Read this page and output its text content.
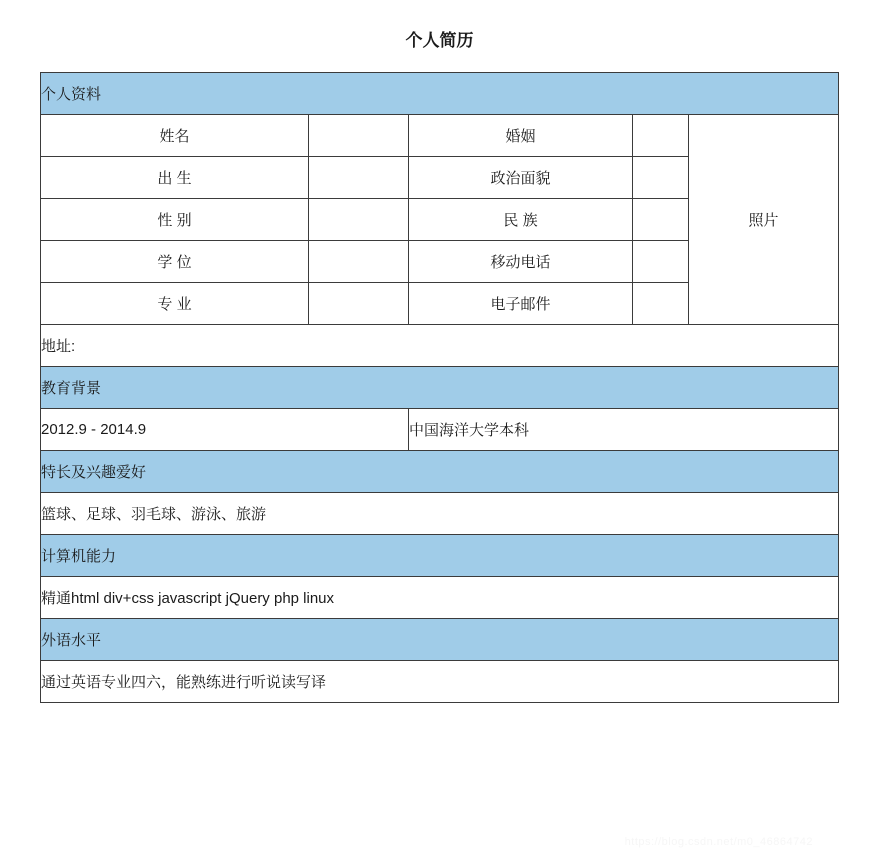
个人简历
个人资料				
姓名		婚姻		照片
出 生		政治面貌		
性 别		民 族		
学 位		移动电话		
专 业		电子邮件		
地址:				
教育背景				
2012.9 - 2014.9		中国海洋大学本科		
特长及兴趣爱好				
篮球、足球、羽毛球、游泳、旅游				
计算机能力				
精通html div+css javascript jQuery php linux				
外语水平				
通过英语专业四六，能熟练进行听说读写译				
https://blog.csdn.net/m0_46864742
